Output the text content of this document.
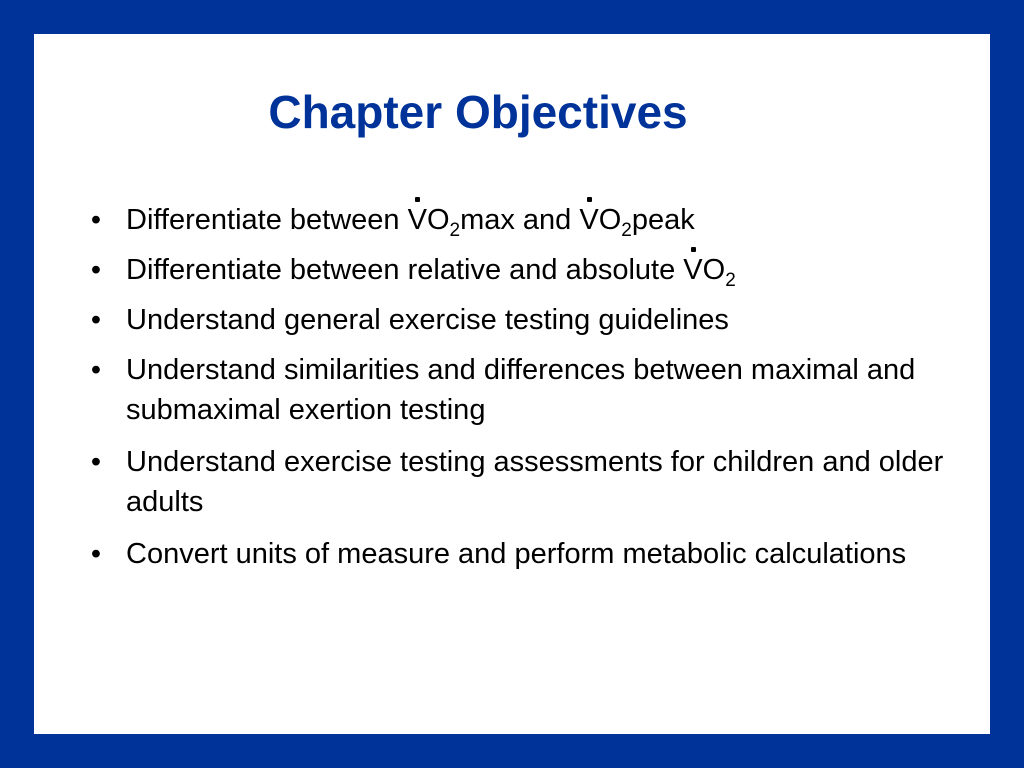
Chapter Objectives
• Differentiate between V
$O_2\max$ and V
$O_2peak$
• Differentiate between relative and absolute V
$O_2$
• Understand general exercise testing guidelines
• Understand similarities and differences between maximal and submaximal exertion testing
• Understand exercise testing assessments for children and older adults
• Convert units of measure and perform metabolic calculations
